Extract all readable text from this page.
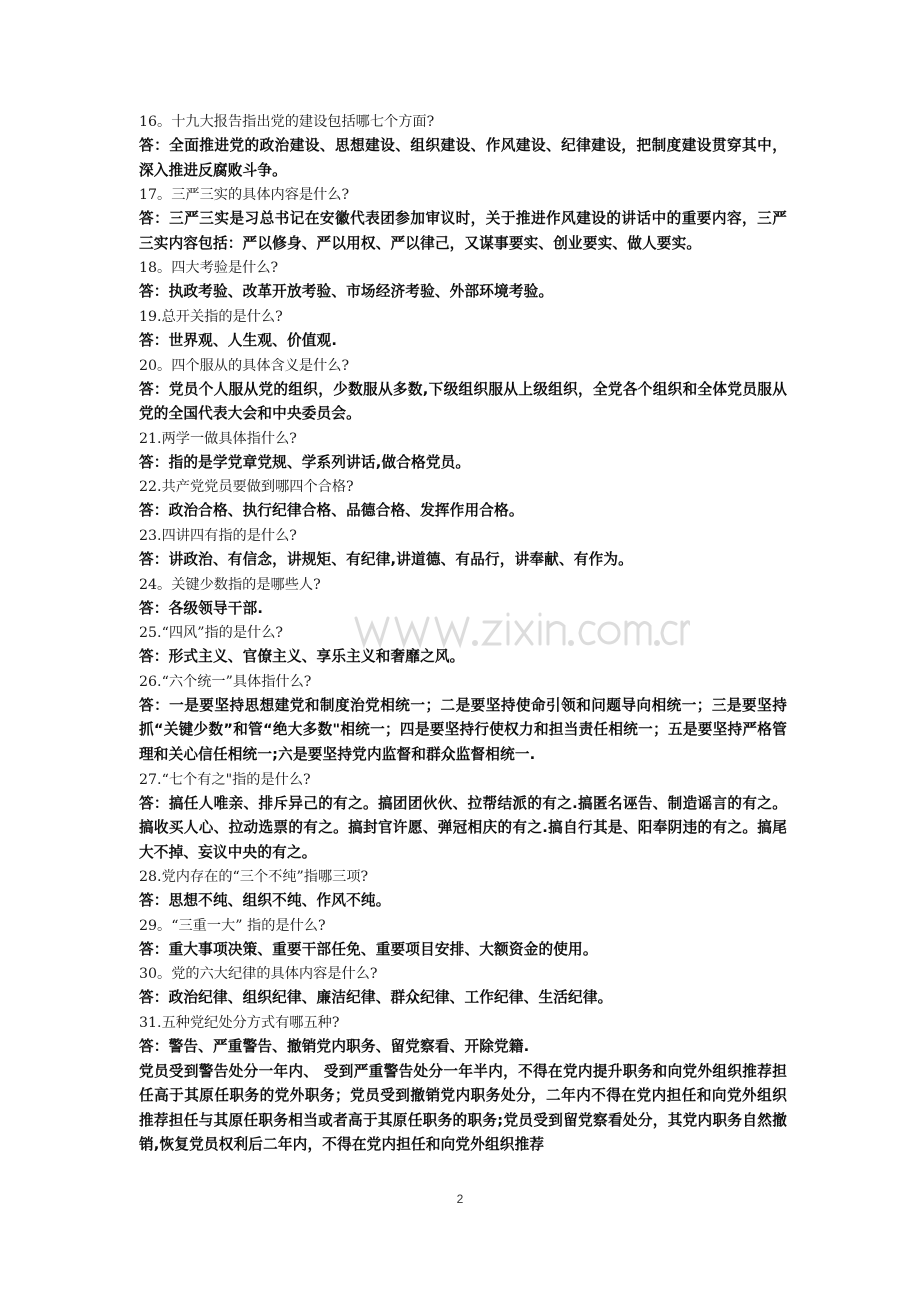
16。十九大报告指出党的建设包括哪七个方面?
答：全面推进党的政治建设、思想建设、组织建设、作风建设、纪律建设，把制度建设贯穿其中，深入推进反腐败斗争。
17。三严三实的具体内容是什么?
答：三严三实是习总书记在安徽代表团参加审议时，关于推进作风建设的讲话中的重要内容，三严三实内容包括：严以修身、严以用权、严以律己，又谋事要实、创业要实、做人要实。
18。四大考验是什么?
答：执政考验、改革开放考验、市场经济考验、外部环境考验。
19.总开关指的是什么?
答：世界观、人生观、价值观.
20。四个服从的具体含义是什么?
答：党员个人服从党的组织，少数服从多数,下级组织服从上级组织，全党各个组织和全体党员服从党的全国代表大会和中央委员会。
21.两学一做具体指什么?
答：指的是学党章党规、学系列讲话,做合格党员。
22.共产党党员要做到哪四个合格?
答：政治合格、执行纪律合格、品德合格、发挥作用合格。
23.四讲四有指的是什么?
答：讲政治、有信念，讲规矩、有纪律,讲道德、有品行，讲奉献、有作为。
24。关键少数指的是哪些人?
答：各级领导干部.
25.“四风”指的是什么?
答：形式主义、官僚主义、享乐主义和奢靡之风。
26.“六个统一”具体指什么?
答：一是要坚持思想建党和制度治党相统一；二是要坚持使命引领和问题导向相统一；三是要坚持抓“关键少数”和管“绝大多数"相统一；四是要坚持行使权力和担当责任相统一；五是要坚持严格管理和关心信任相统一;六是要坚持党内监督和群众监督相统一.
27.“七个有之"指的是什么?
答：搞任人唯亲、排斥异己的有之。搞团团伙伙、拉帮结派的有之.搞匿名诬告、制造谣言的有之。搞收买人心、拉动选票的有之。搞封官许愿、弹冠相庆的有之.搞自行其是、阳奉阴违的有之。搞尾大不掉、妄议中央的有之。
28.党内存在的“三个不纯”指哪三项?
答：思想不纯、组织不纯、作风不纯。
29。“三重一大” 指的是什么?
答：重大事项决策、重要干部任免、重要项目安排、大额资金的使用。
30。党的六大纪律的具体内容是什么?
答：政治纪律、组织纪律、廉洁纪律、群众纪律、工作纪律、生活纪律。
31.五种党纪处分方式有哪五种?
答：警告、严重警告、撤销党内职务、留党察看、开除党籍.
党员受到警告处分一年内、 受到严重警告处分一年半内，不得在党内提升职务和向党外组织推荐担任高于其原任职务的党外职务；党员受到撤销党内职务处分，二年内不得在党内担任和向党外组织推荐担任与其原任职务相当或者高于其原任职务的职务;党员受到留党察看处分，其党内职务自然撤销,恢复党员权利后二年内，不得在党内担任和向党外组织推荐
2
